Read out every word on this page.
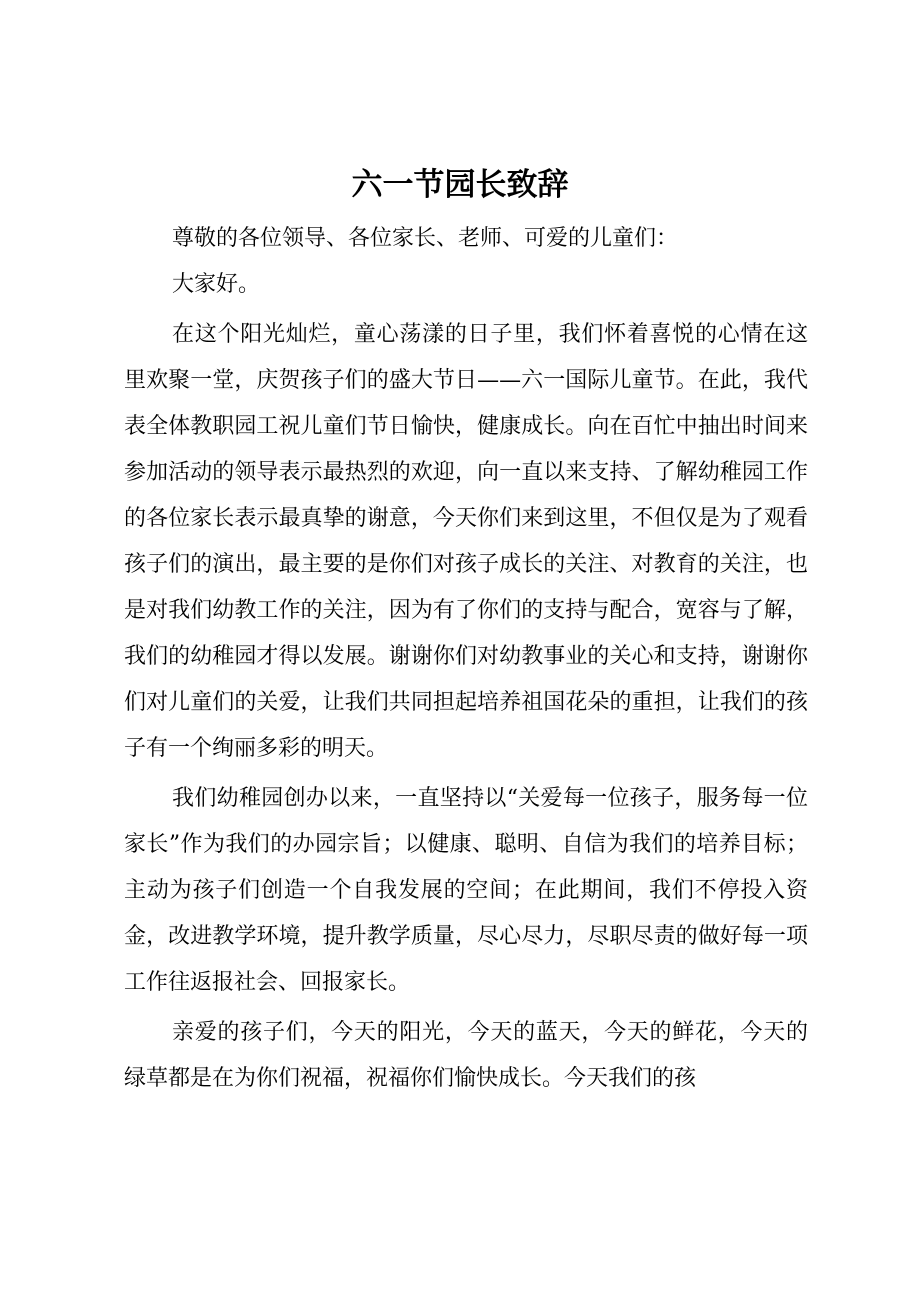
六一节园长致辞

尊敬的各位领导、各位家长、老师、可爱的儿童们：

大家好。

在这个阳光灿烂，童心荡漾的日子里，我们怀着喜悦的心情在这里欢聚一堂，庆贺孩子们的盛大节日——六一国际儿童节。在此，我代表全体教职园工祝儿童们节日愉快，健康成长。向在百忙中抽出时间来参加活动的领导表示最热烈的欢迎，向一直以来支持、了解幼稚园工作的各位家长表示最真挚的谢意，今天你们来到这里，不但仅是为了观看孩子们的演出，最主要的是你们对孩子成长的关注、对教育的关注，也是对我们幼教工作的关注，因为有了你们的支持与配合，宽容与了解，我们的幼稚园才得以发展。谢谢你们对幼教事业的关心和支持，谢谢你们对儿童们的关爱，让我们共同担起培养祖国花朵的重担，让我们的孩子有一个绚丽多彩的明天。

我们幼稚园创办以来，一直坚持以“关爱每一位孩子，服务每一位家长”作为我们的办园宗旨；以健康、聪明、自信为我们的培养目标；主动为孩子们创造一个自我发展的空间；在此期间，我们不停投入资金，改进教学环境，提升教学质量，尽心尽力，尽职尽责的做好每一项工作往返报社会、回报家长。

亲爱的孩子们，今天的阳光，今天的蓝天，今天的鲜花，今天的绿草都是在为你们祝福，祝福你们愉快成长。今天我们的孩
